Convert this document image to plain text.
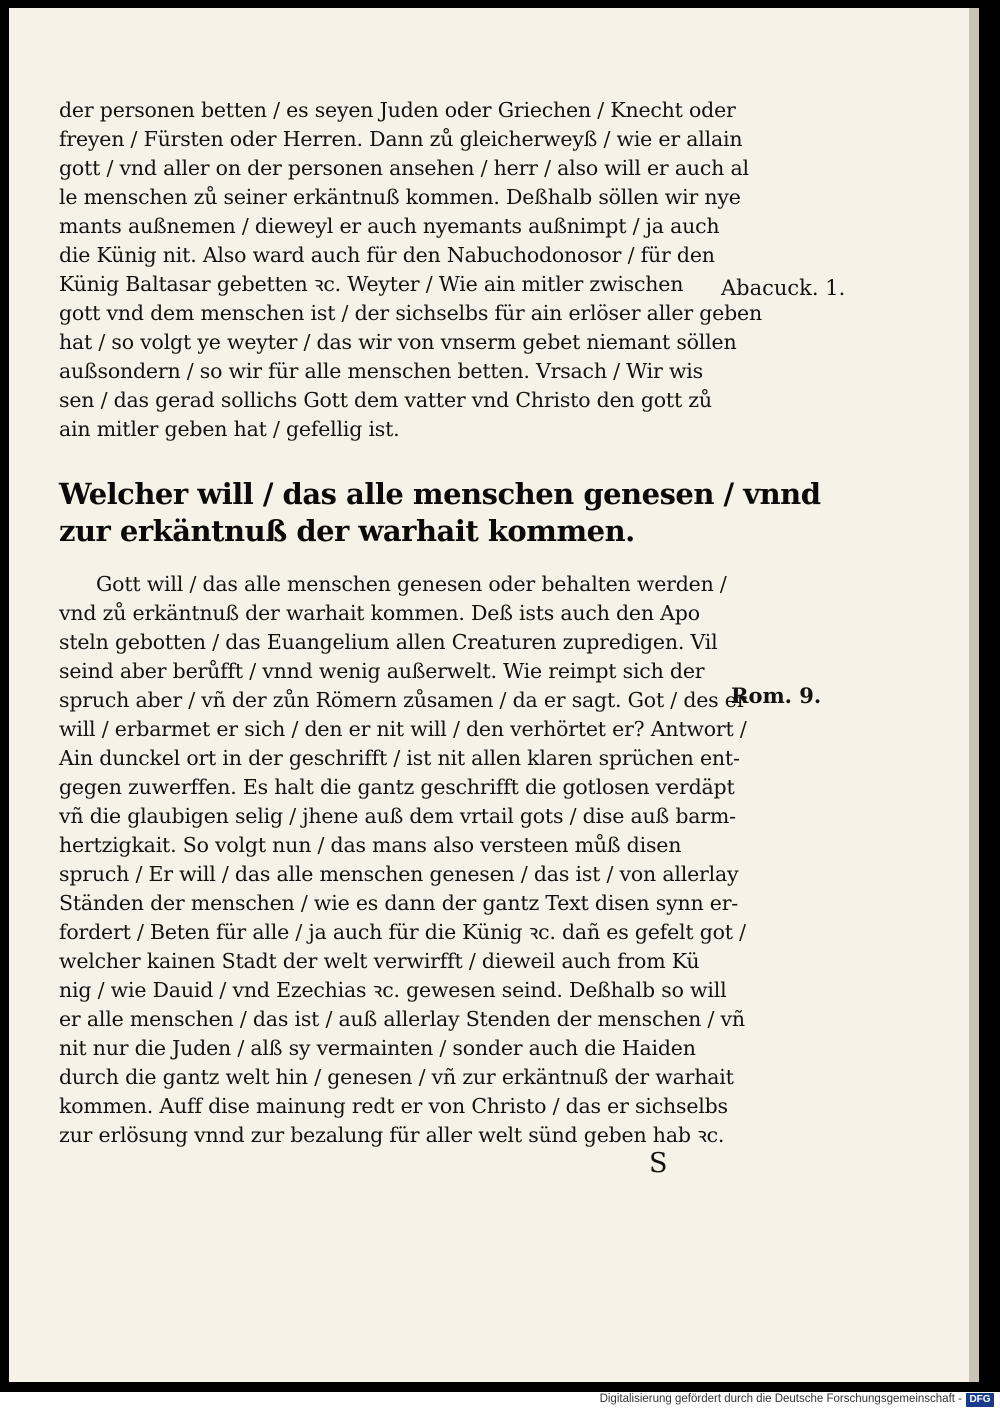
der personen betten / es seyen Juden oder Griechen / Knecht oder
freyen / Fürsten oder Herren. Dann zů gleicherweyß / wie er allain
gott / vnd aller on der personen ansehen / herr / also will er auch al
le menschen zů seiner erkäntnuß kommen. Deßhalb söllen wir nye
mants außnemen / dieweyl er auch nyemants außnimpt / ja auch
die Künig nit. Also ward auch für den Nabuchodonosor / für den
Künig Baltasar gebetten ꝛc. Weyter / Wie ain mitler zwischen
gott vnd dem menschen ist / der sichselbs für ain erlöser aller geben
hat / so volgt ye weyter / das wir von vnserm gebet niemant söllen
außsondern / so wir für alle menschen betten. Vrsach / Wir wis
sen / das gerad sollichs Gott dem vatter vnd Christo den gott zů
ain mitler geben hat / gefellig ist.
Abacuck. 1.
Welcher will / das alle menschen genesen / vnnd
zur erkäntnuß der warhait kommen.
Gott will / das alle menschen genesen oder behalten werden /
vnd zů erkäntnuß der warhait kommen. Deß ists auch den Apo
steln gebotten / das Euangelium allen Creaturen zupredigen. Vil
seind aber berůfft / vnnd wenig außerwelt. Wie reimpt sich der
spruch aber / vñ der zůn Römern zůsamen / da er sagt. Got / des er
will / erbarmet er sich / den er nit will / den verhörtet er? Antwort /
Ain dunckel ort in der geschrifft / ist nit allen klaren sprüchen ent-
gegen zuwerffen. Es halt die gantz geschrifft die gotlosen verdäpt
vñ die glaubigen selig / jhene auß dem vrtail gots / dise auß barm-
hertzigkait. So volgt nun / das mans also versteen můß disen
spruch / Er will / das alle menschen genesen / das ist / von allerlay
Ständen der menschen / wie es dann der gantz Text disen synn er-
fordert / Beten für alle / ja auch für die Künig ꝛc. dañ es gefelt got /
welcher kainen Stadt der welt verwirfft / dieweil auch from Kü
nig / wie Dauid / vnd Ezechias ꝛc. gewesen seind. Deßhalb so will
er alle menschen / das ist / auß allerlay Stenden der menschen / vñ
nit nur die Juden / alß sy vermainten / sonder auch die Haiden
durch die gantz welt hin / genesen / vñ zur erkäntnuß der warhait
kommen. Auff dise mainung redt er von Christo / das er sichselbs
zur erlösung vnnd zur bezalung für aller welt sünd geben hab ꝛc.
Rom. 9.
S
Digitalisierung gefördert durch die Deutsche Forschungsgemeinschaft - DFG
